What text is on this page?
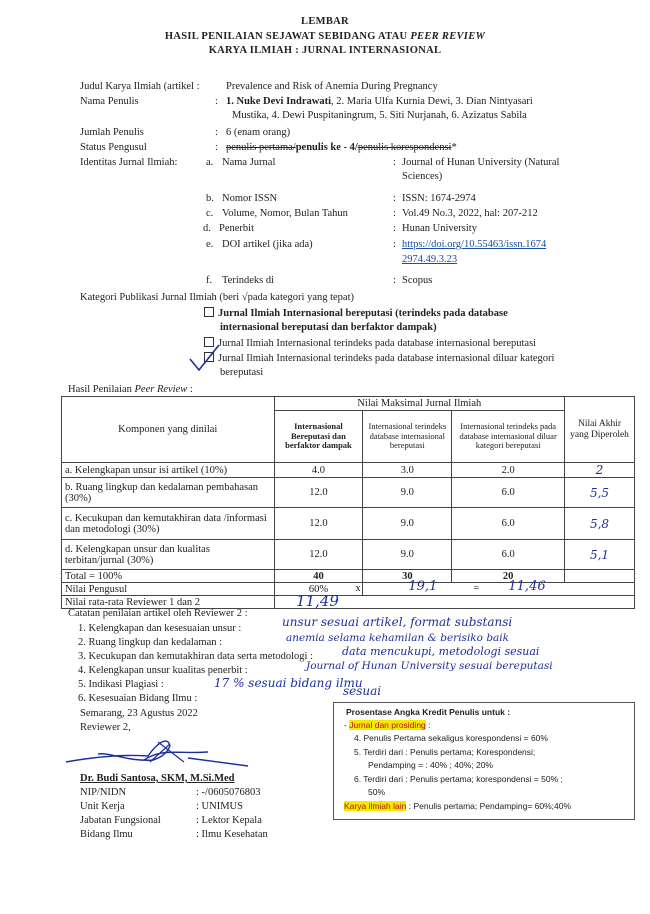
LEMBAR
HASIL PENILAIAN SEJAWAT SEBIDANG ATAU PEER REVIEW
KARYA ILMIAH : JURNAL INTERNASIONAL
Judul Karya Ilmiah (artikel :	Prevalence and Risk of Anemia During Pregnancy
Nama Penulis	: 1. Nuke Devi Indrawati, 2. Maria Ulfa Kurnia Dewi, 3. Dian Nintyasari
Mustika, 4. Dewi Puspitaningrum, 5. Siti Nurjanah, 6. Azizatus Sabila
Jumlah Penulis	: 6 (enam orang)
Status Pengusul	: penulis pertama/penulis ke - 4/penulis korespondensi*
Identitas Jurnal Ilmiah:	a. Nama Jurnal	: Journal of Hunan University (Natural
Sciences)
b. Nomor ISSN	: ISSN: 1674-2974
c. Volume, Nomor, Bulan Tahun	: Vol.49 No.3, 2022, hal: 207-212
d. Penerbit	: Hunan University
e. DOI artikel (jika ada)	: https://doi.org/10.55463/issn.1674
2974.49.3.23
f. Terindeks di	: Scopus
Kategori Publikasi Jurnal Ilmiah (beri √pada kategori yang tepat)
Jurnal Ilmiah Internasional bereputasi (terindeks pada database
internasional bereputasi dan berfaktor dampak)
Jurnal Ilmiah Internasional terindeks pada database internasional bereputasi
Jurnal Ilmiah Internasional terindeks pada database internasional diluar kategori
bereputasi
Hasil Penilaian Peer Review :
Komponen yang dinilai	Nilai Maksimal Jurnal Ilmiah			Nilai Akhir yang Diperoleh
	Internasional Bereputasi dan berfaktor dampak	Internasional terindeks database internasional bereputasi	Internasional terindeks pada database internasional diluar kategori bereputasi	
a. Kelengkapan unsur isi artikel (10%)	4.0	3.0	2.0	2
b. Ruang lingkup dan kedalaman pembahasan (30%)	12.0	9.0	6.0	5,5
c. Kecukupan dan kemutakhiran data /informasi dan metodologi (30%)	12.0	9.0	6.0	5,8
d. Kelengkapan unsur dan kualitas terbitan/jurnal (30%)	12.0	9.0	6.0	5,1
Total = 100%	40	30	20	
Nilai Pengusul	60%	x 19,1 = 11,46		

Nilai rata-rata Reviewer 1 dan 2					11,49
Catatan penilaian artikel oleh Reviewer 2 :
1. Kelengkapan dan kesesuaian unsur :	unsur sesuai artikel, format substansi
2. Ruang lingkup dan kedalaman :	anemia selama kehamilan & berisiko baik
3. Kecukupan dan kemutakhiran data serta metodologi :	data mencukupi, metodologi sesuai
4. Kelengkapan unsur kualitas penerbit :	Journal of Hunan University sesuai bereputasi
5. Indikasi Plagiasi :	17 % sesuai bidang ilmu
6. Kesesuaian Bidang Ilmu :
sesuai
Semarang, 23 Agustus 2022
Reviewer 2,
Dr. Budi Santosa, SKM, M.Si.Med
NIP/NIDN	: -/0605076803
Unit Kerja	: UNIMUS
Jabatan Fungsional	: Lektor Kepala
Bidang Ilmu	: Ilmu Kesehatan
Prosentase Angka Kredit Penulis untuk :
- Jurnal dan prosiding :
4. Penulis Pertama sekaligus korespondensi = 60%
5. Terdiri dari : Penulis pertama; Korespondensi;
Pendamping = : 40% ; 40%; 20%
6. Terdiri dari : Penulis pertama; korespondensi = 50% ;
50%
Karya ilmiah lain : Penulis pertama; Pendamping= 60%;40%
